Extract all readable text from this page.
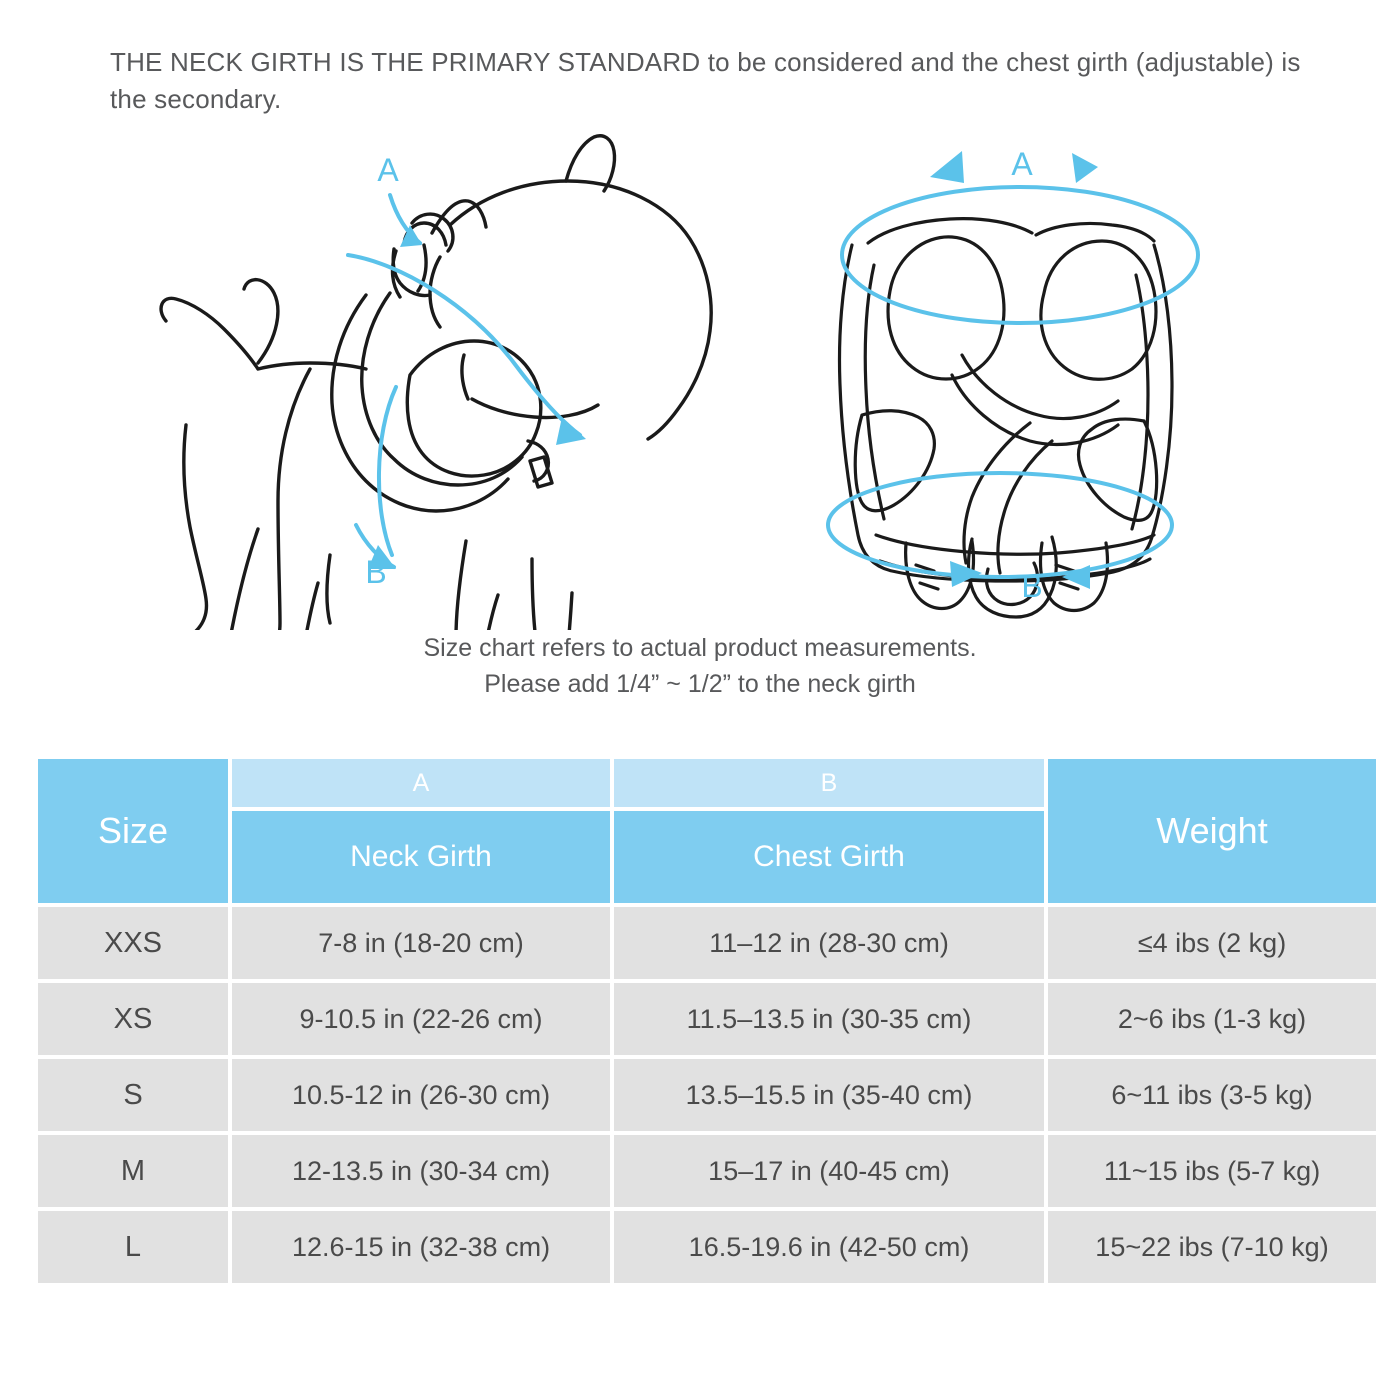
THE NECK GIRTH IS THE PRIMARY STANDARD to be considered and the chest girth (adjustable) is the secondary.
A
B
A
B
Size chart refers to actual product measurements.
Please add 1/4” ~ 1/2” to the neck girth
Size	A	B	Weight
	Neck Girth	Chest Girth	
XXS	7-8 in (18-20 cm)	11–12 in (28-30 cm)	≤4 ibs (2 kg)
XS	9-10.5 in (22-26 cm)	11.5–13.5 in (30-35 cm)	2~6 ibs (1-3 kg)
S	10.5-12 in (26-30 cm)	13.5–15.5 in (35-40 cm)	6~11 ibs (3-5 kg)
M	12-13.5 in (30-34 cm)	15–17 in (40-45 cm)	11~15 ibs (5-7 kg)
L	12.6-15 in (32-38 cm)	16.5-19.6 in (42-50 cm)	15~22 ibs (7-10 kg)
